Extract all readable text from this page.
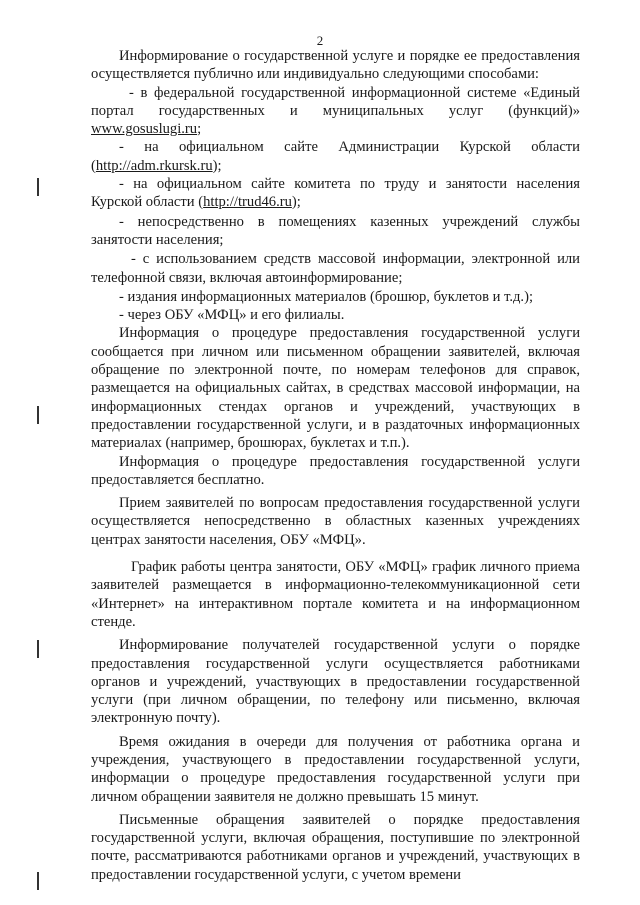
2

Информирование о государственной услуге и порядке ее предоставления осуществляется публично или индивидуально следующими способами:

- в федеральной государственной информационной системе «Единый портал государственных и муниципальных услуг (функций)» www.gosuslugi.ru;

- на официальном сайте Администрации Курской области (http://adm.rkursk.ru);

- на официальном сайте комитета по труду и занятости населения Курской области (http://trud46.ru);

- непосредственно в помещениях казенных учреждений службы занятости населения;

- с использованием средств массовой информации, электронной или телефонной связи, включая автоинформирование;

- издания информационных материалов (брошюр, буклетов и т.д.);

- через ОБУ «МФЦ» и его филиалы.

Информация о процедуре предоставления государственной услуги сообщается при личном или письменном обращении заявителей, включая обращение по электронной почте, по номерам телефонов для справок, размещается на официальных сайтах, в средствах массовой информации, на информационных стендах органов и учреждений, участвующих в предоставлении государственной услуги, и в раздаточных информационных материалах (например, брошюрах, буклетах и т.п.).

Информация о процедуре предоставления государственной услуги предоставляется бесплатно.

Прием заявителей по вопросам предоставления государственной услуги осуществляется непосредственно в областных казенных учреждениях центрах занятости населения, ОБУ «МФЦ».

График работы центра занятости, ОБУ «МФЦ» график личного приема заявителей размещается в информационно-телекоммуникационной сети «Интернет» на интерактивном портале комитета и на информационном стенде.

Информирование получателей государственной услуги о порядке предоставления государственной услуги осуществляется работниками органов и учреждений, участвующих в предоставлении государственной услуги (при личном обращении, по телефону или письменно, включая электронную почту).

Время ожидания в очереди для получения от работника органа и учреждения, участвующего в предоставлении государственной услуги, информации о процедуре предоставления государственной услуги при личном обращении заявителя не должно превышать 15 минут.

Письменные обращения заявителей о порядке предоставления государственной услуги, включая обращения, поступившие по электронной почте, рассматриваются работниками органов и учреждений, участвующих в предоставлении государственной услуги, с учетом времени
